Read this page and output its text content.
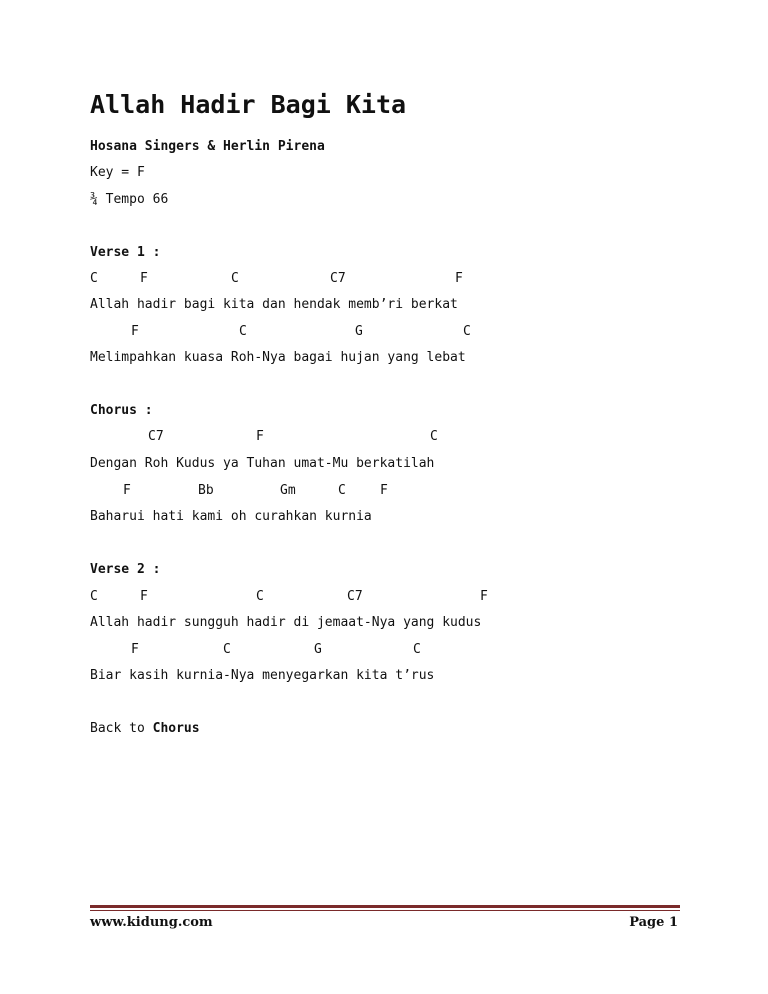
Allah Hadir Bagi Kita
Hosana Singers & Herlin Pirena
Key = F
¾ Tempo 66
Verse 1 :
C	F	C	C7	F
Allah hadir bagi kita dan hendak memb’ri berkat
F	C	G	C
Melimpahkan kuasa Roh-Nya bagai hujan yang lebat
Chorus :
C7	F	C
Dengan Roh Kudus ya Tuhan umat-Mu berkatilah
F	Bb	Gm	C	F
Baharui hati kami oh curahkan kurnia
Verse 2 :
C	F	C	C7	F
Allah hadir sungguh hadir di jemaat-Nya yang kudus
F	C	G	C
Biar kasih kurnia-Nya menyegarkan kita t’rus
Back to Chorus
www.kidung.com	Page 1
